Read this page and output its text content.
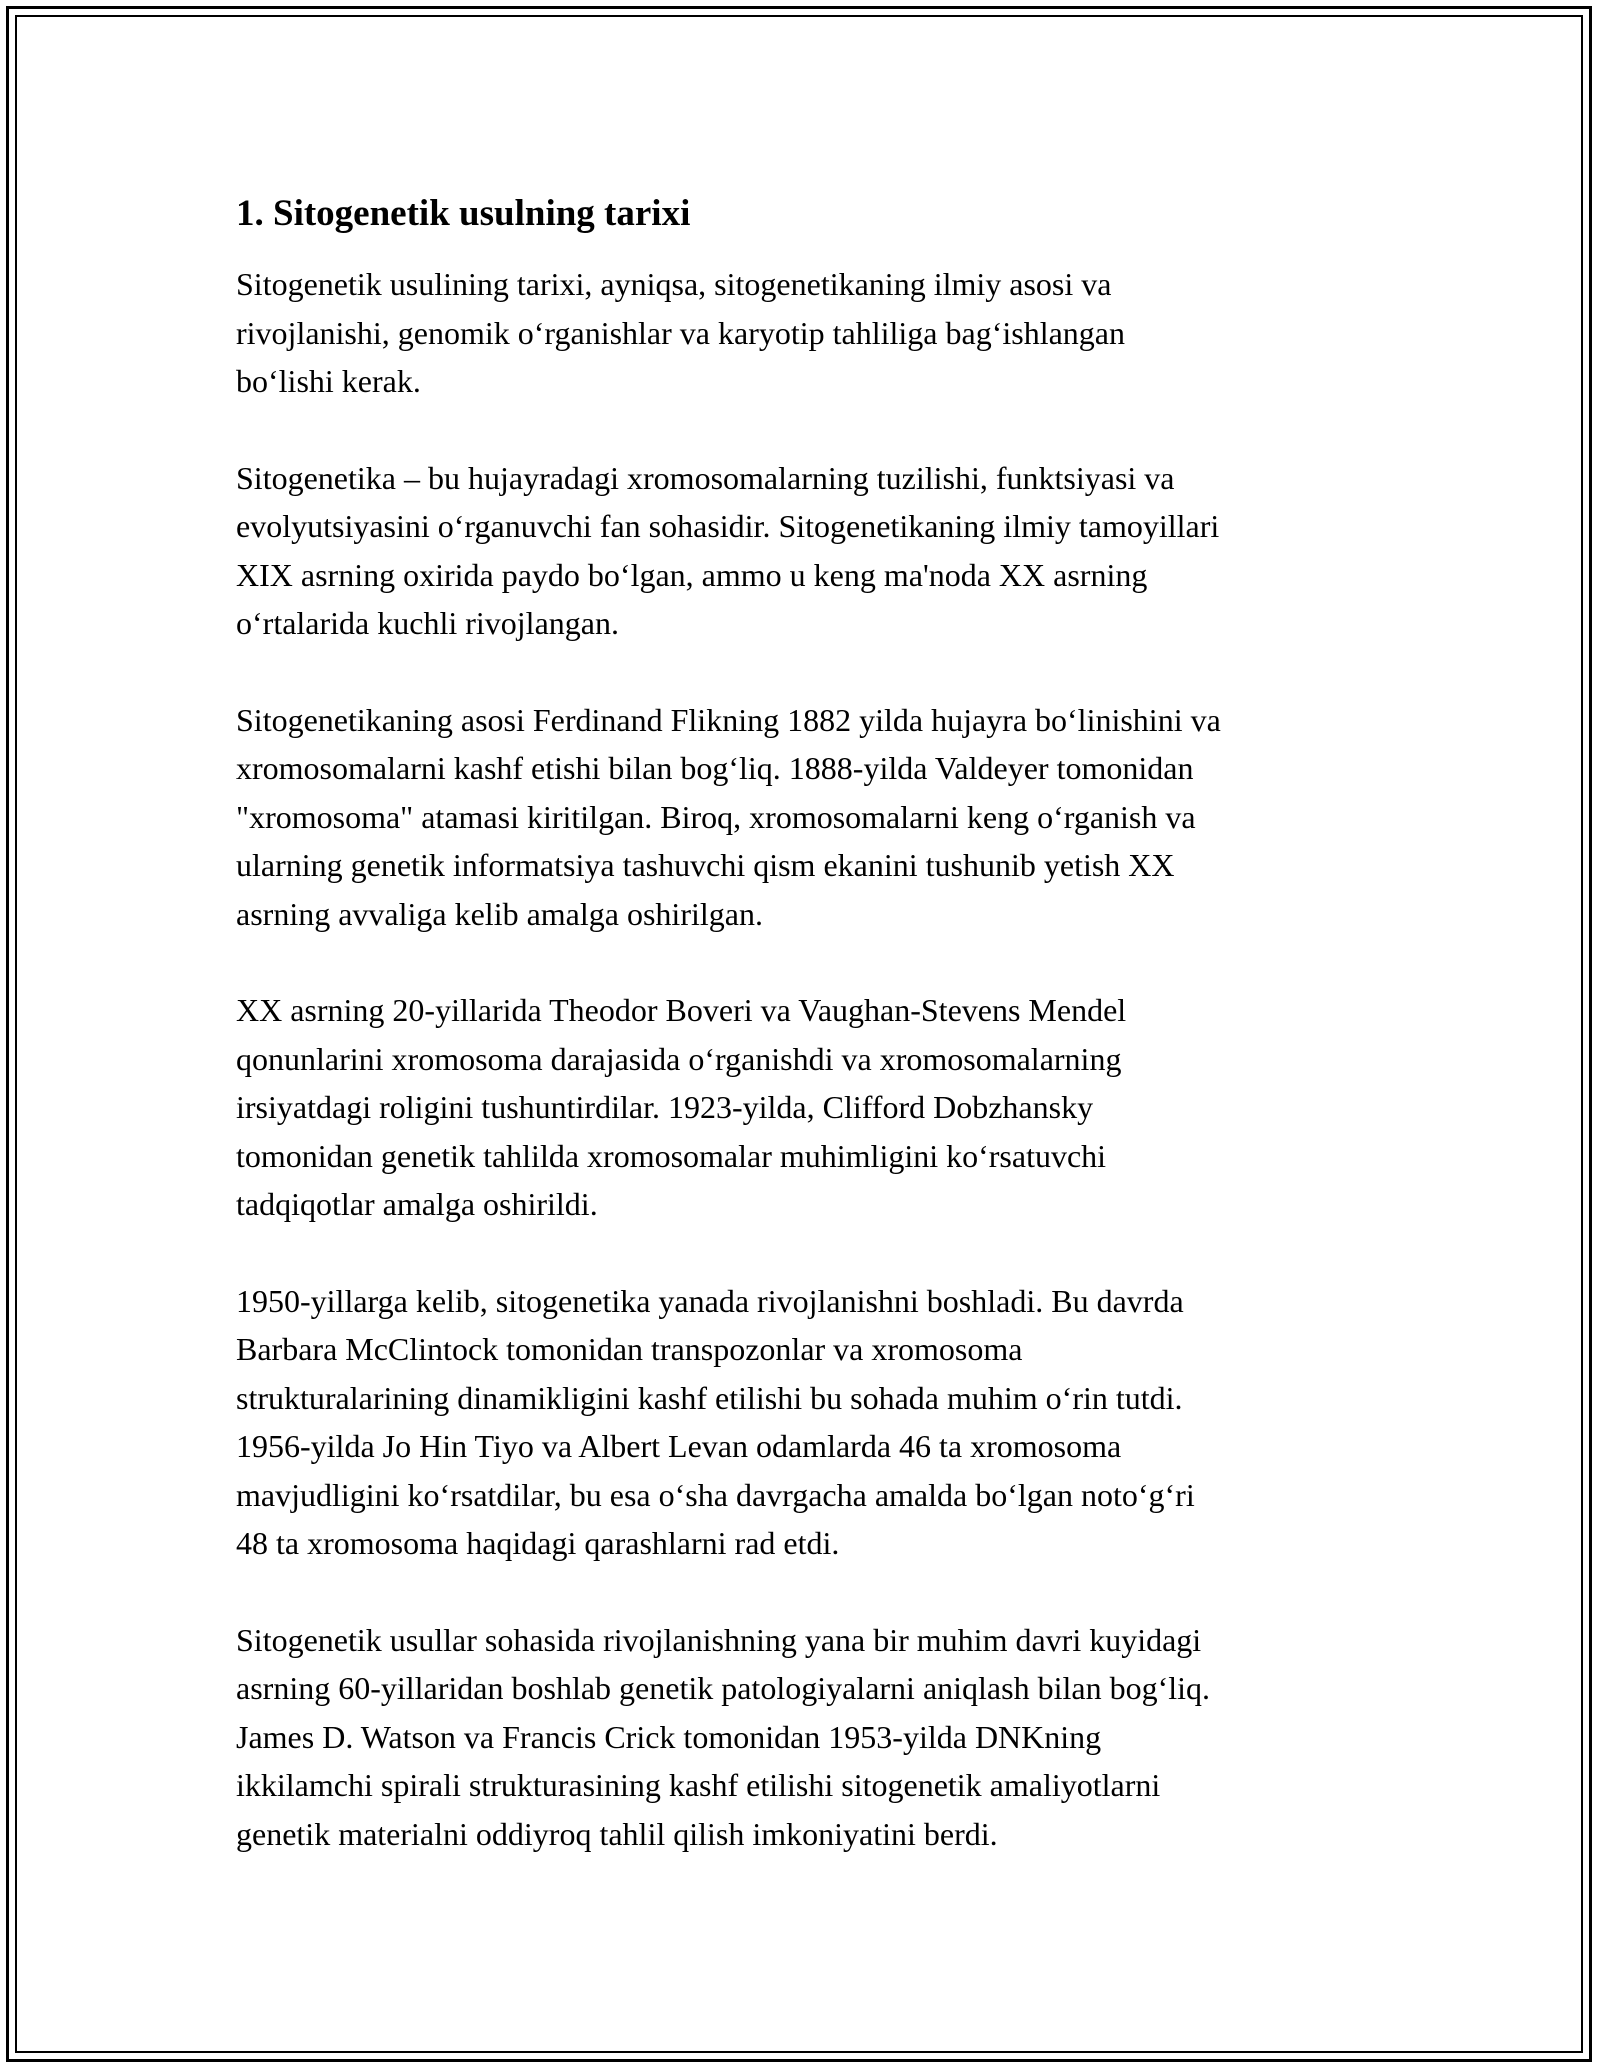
1. Sitogenetik usulning tarixi

Sitogenetik usulining tarixi, ayniqsa, sitogenetikaning ilmiy asosi va
rivojlanishi, genomik o‘rganishlar va karyotip tahliliga bag‘ishlangan
bo‘lishi kerak.

Sitogenetika – bu hujayradagi xromosomalarning tuzilishi, funktsiyasi va
evolyutsiyasini o‘rganuvchi fan sohasidir. Sitogenetikaning ilmiy tamoyillari
XIX asrning oxirida paydo bo‘lgan, ammo u keng ma'noda XX asrning
o‘rtalarida kuchli rivojlangan.

Sitogenetikaning asosi Ferdinand Flikning 1882 yilda hujayra bo‘linishini va
xromosomalarni kashf etishi bilan bog‘liq. 1888-yilda Valdeyer tomonidan
"xromosoma" atamasi kiritilgan. Biroq, xromosomalarni keng o‘rganish va
ularning genetik informatsiya tashuvchi qism ekanini tushunib yetish XX
asrning avvaliga kelib amalga oshirilgan.

XX asrning 20-yillarida Theodor Boveri va Vaughan-Stevens Mendel
qonunlarini xromosoma darajasida o‘rganishdi va xromosomalarning
irsiyatdagi roligini tushuntirdilar. 1923-yilda, Clifford Dobzhansky
tomonidan genetik tahlilda xromosomalar muhimligini ko‘rsatuvchi
tadqiqotlar amalga oshirildi.

1950-yillarga kelib, sitogenetika yanada rivojlanishni boshladi. Bu davrda
Barbara McClintock tomonidan transpozonlar va xromosoma
strukturalarining dinamikligini kashf etilishi bu sohada muhim o‘rin tutdi.
1956-yilda Jo Hin Tiyo va Albert Levan odamlarda 46 ta xromosoma
mavjudligini ko‘rsatdilar, bu esa o‘sha davrgacha amalda bo‘lgan noto‘g‘ri
48 ta xromosoma haqidagi qarashlarni rad etdi.

Sitogenetik usullar sohasida rivojlanishning yana bir muhim davri kuyidagi
asrning 60-yillaridan boshlab genetik patologiyalarni aniqlash bilan bog‘liq.
James D. Watson va Francis Crick tomonidan 1953-yilda DNKning
ikkilamchi spirali strukturasining kashf etilishi sitogenetik amaliyotlarni
genetik materialni oddiyroq tahlil qilish imkoniyatini berdi.
